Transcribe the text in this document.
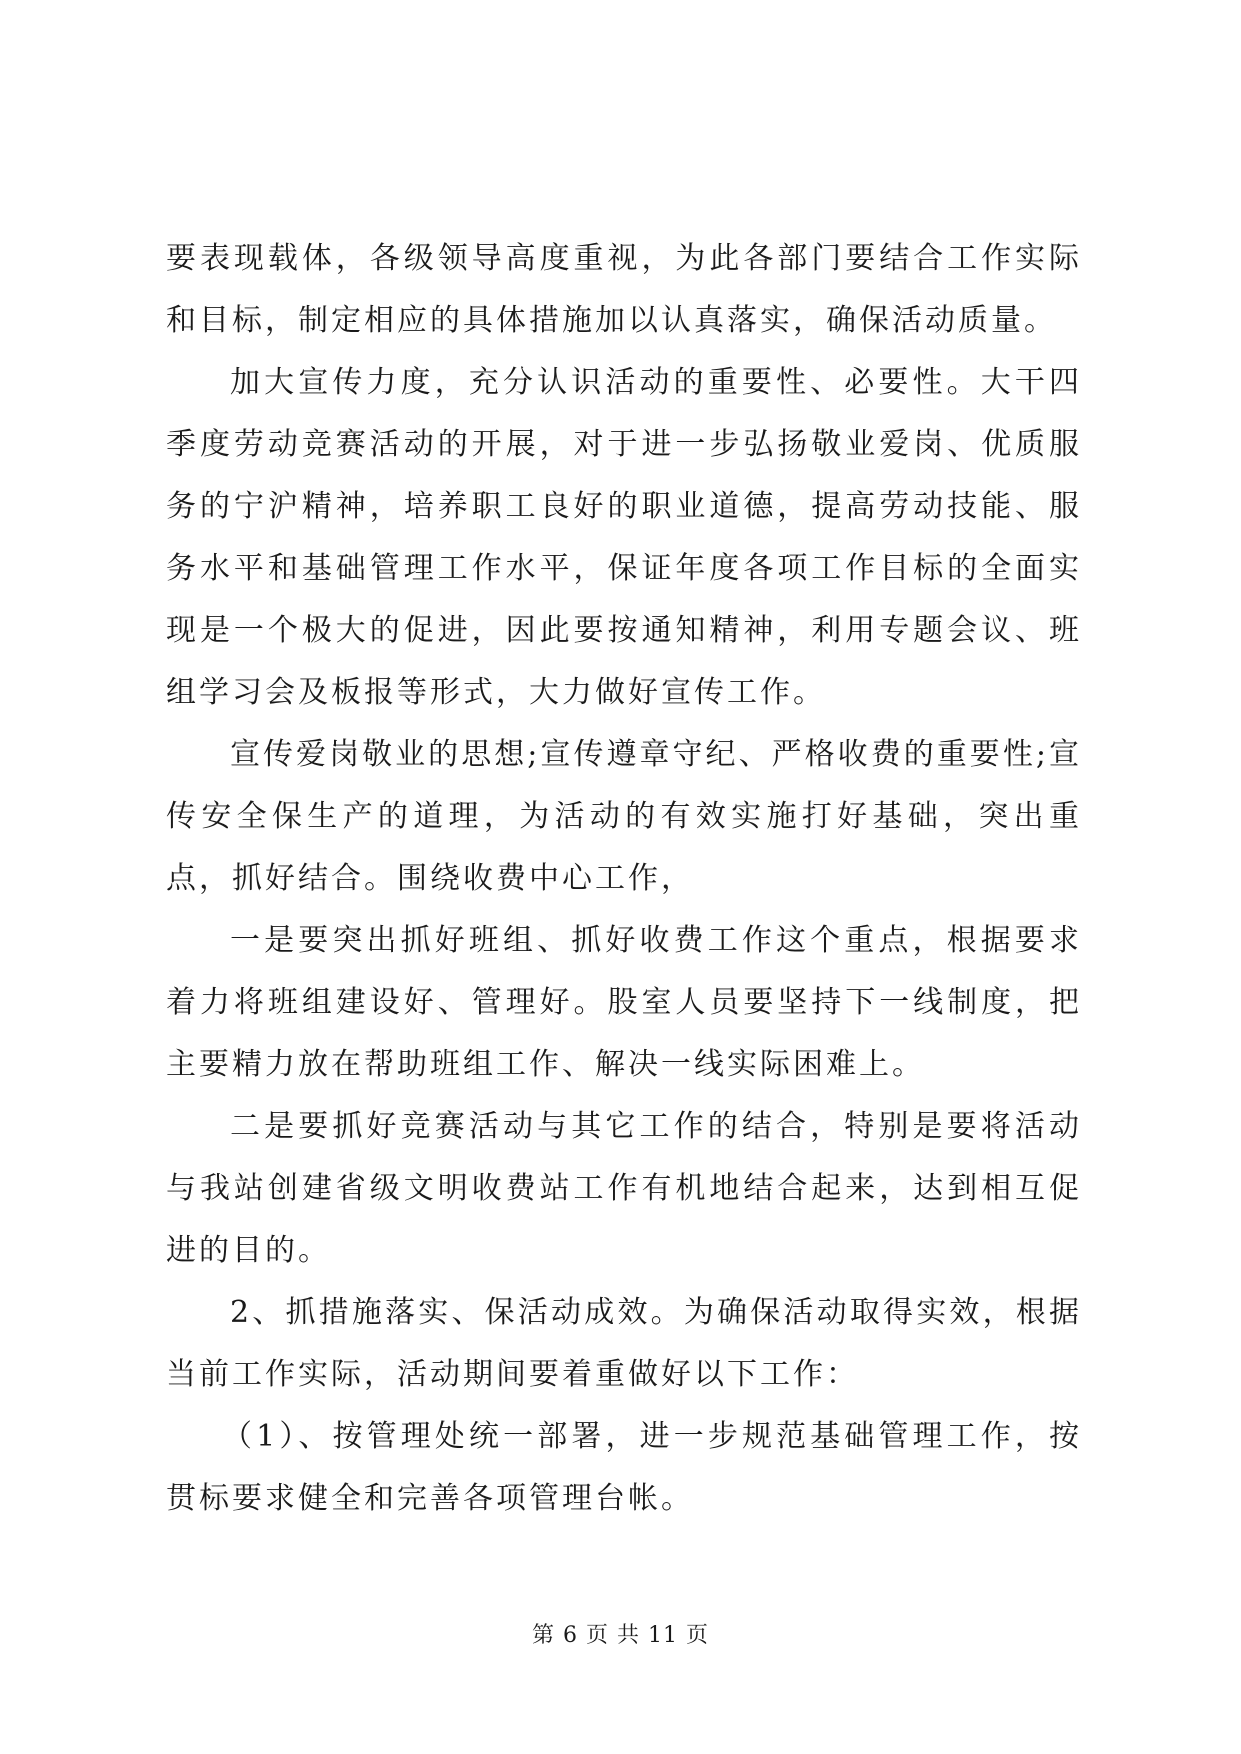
要表现载体，各级领导高度重视，为此各部门要结合工作实际和目标，制定相应的具体措施加以认真落实，确保活动质量。

加大宣传力度，充分认识活动的重要性、必要性。大干四季度劳动竞赛活动的开展，对于进一步弘扬敬业爱岗、优质服务的宁沪精神，培养职工良好的职业道德，提高劳动技能、服务水平和基础管理工作水平，保证年度各项工作目标的全面实现是一个极大的促进，因此要按通知精神，利用专题会议、班组学习会及板报等形式，大力做好宣传工作。

宣传爱岗敬业的思想;宣传遵章守纪、严格收费的重要性;宣传安全保生产的道理，为活动的有效实施打好基础，突出重点，抓好结合。围绕收费中心工作，

一是要突出抓好班组、抓好收费工作这个重点，根据要求着力将班组建设好、管理好。股室人员要坚持下一线制度，把主要精力放在帮助班组工作、解决一线实际困难上。

二是要抓好竞赛活动与其它工作的结合，特别是要将活动与我站创建省级文明收费站工作有机地结合起来，达到相互促进的目的。

2、抓措施落实、保活动成效。为确保活动取得实效，根据当前工作实际，活动期间要着重做好以下工作：

（1）、按管理处统一部署，进一步规范基础管理工作，按贯标要求健全和完善各项管理台帐。

第 6 页 共 11 页
